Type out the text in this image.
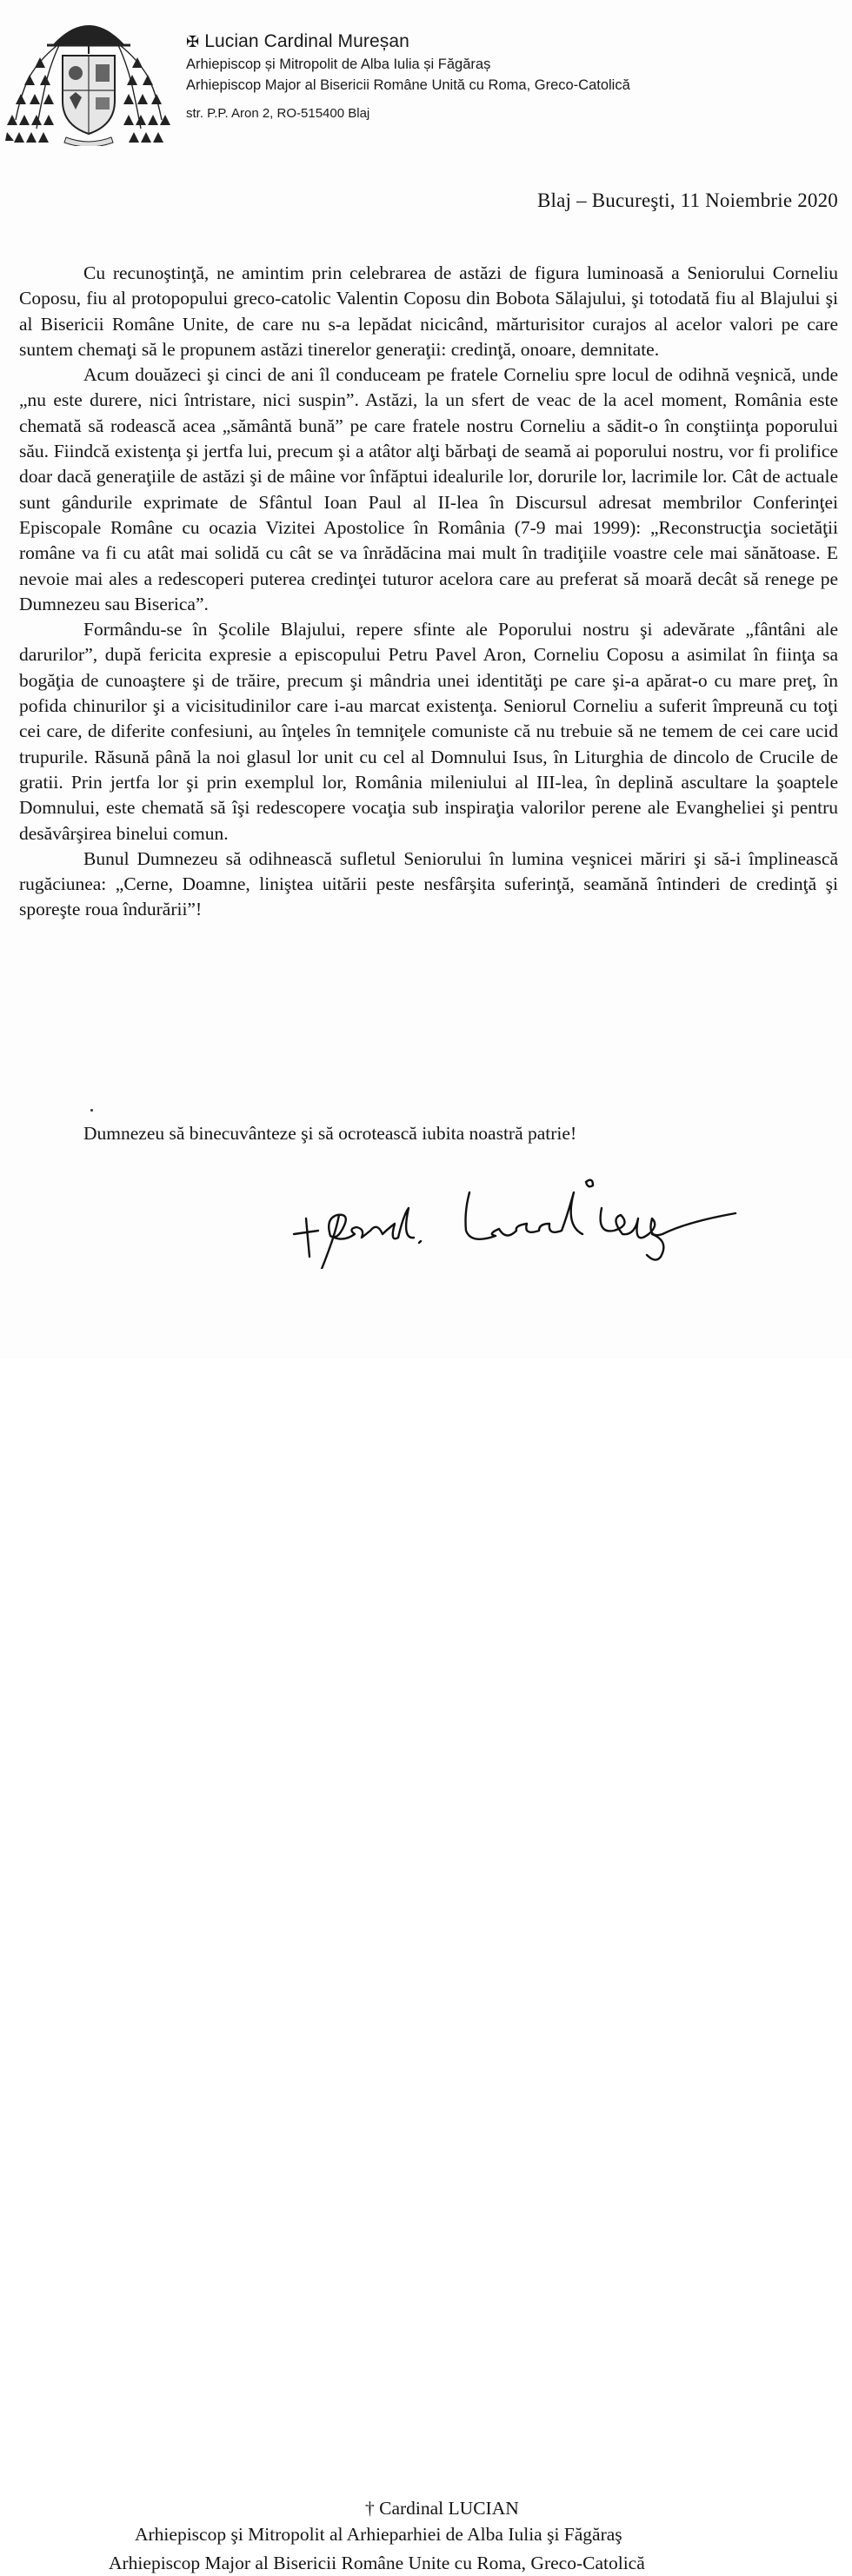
✠ Lucian Cardinal Mureșan
Arhiepiscop și Mitropolit de Alba Iulia și Făgăraș
Arhiepiscop Major al Bisericii Române Unită cu Roma, Greco-Catolică
str. P.P. Aron 2, RO-515400 Blaj
Blaj – Bucureşti, 11 Noiembrie 2020

Cu recunoştinţă, ne amintim prin celebrarea de astăzi de figura luminoasă a Seniorului Corneliu Coposu, fiu al protopopului greco-catolic Valentin Coposu din Bobota Sălajului, şi totodată fiu al Blajului şi al Bisericii Române Unite, de care nu s-a lepădat nicicând, mărturisitor curajos al acelor valori pe care suntem chemaţi să le propunem astăzi tinerelor generaţii: credinţă, onoare, demnitate.

Acum douăzeci şi cinci de ani îl conduceam pe fratele Corneliu spre locul de odihnă veşnică, unde „nu este durere, nici întristare, nici suspin”. Astăzi, la un sfert de veac de la acel moment, România este chemată să rodească acea „sământă bună” pe care fratele nostru Corneliu a sădit-o în conştiinţa poporului său. Fiindcă existenţa şi jertfa lui, precum şi a atâtor alţi bărbaţi de seamă ai poporului nostru, vor fi prolifice doar dacă generaţiile de astăzi şi de mâine vor înfăptui idealurile lor, dorurile lor, lacrimile lor. Cât de actuale sunt gândurile exprimate de Sfântul Ioan Paul al II-lea în Discursul adresat membrilor Conferinţei Episcopale Române cu ocazia Vizitei Apostolice în România (7-9 mai 1999): „Reconstrucţia societăţii române va fi cu atât mai solidă cu cât se va înrădăcina mai mult în tradiţiile voastre cele mai sănătoase. E nevoie mai ales a redescoperi puterea credinţei tuturor acelora care au preferat să moară decât să renege pe Dumnezeu sau Biserica”.

Formându-se în Şcolile Blajului, repere sfinte ale Poporului nostru şi adevărate „fântâni ale darurilor”, după fericita expresie a episcopului Petru Pavel Aron, Corneliu Coposu a asimilat în fiinţa sa bogăţia de cunoaştere şi de trăire, precum şi mândria unei identităţi pe care şi-a apărat-o cu mare preţ, în pofida chinurilor şi a vicisitudinilor care i-au marcat existenţa. Seniorul Corneliu a suferit împreună cu toţi cei care, de diferite confesiuni, au înţeles în temniţele comuniste că nu trebuie să ne temem de cei care ucid trupurile. Răsună până la noi glasul lor unit cu cel al Domnului Isus, în Liturghia de dincolo de Crucile de gratii. Prin jertfa lor şi prin exemplul lor, România mileniului al III-lea, în deplină ascultare la şoaptele Domnului, este chemată să îşi redescopere vocaţia sub inspiraţia valorilor perene ale Evangheliei şi pentru desăvârşirea binelui comun.

Bunul Dumnezeu să odihnească sufletul Seniorului în lumina veşnicei măriri şi să-i împlinească rugăciunea: „Cerne, Doamne, liniştea uitării peste nesfârşita suferinţă, seamănă întinderi de credinţă şi sporeşte roua îndurării”!

Dumnezeu să binecuvânteze şi să ocrotească iubita noastră patrie!
† Cardinal LUCIAN
Arhiepiscop şi Mitropolit al Arhieparhiei de Alba Iulia şi Făgăraş
Arhiepiscop Major al Bisericii Române Unite cu Roma, Greco-Catolică
